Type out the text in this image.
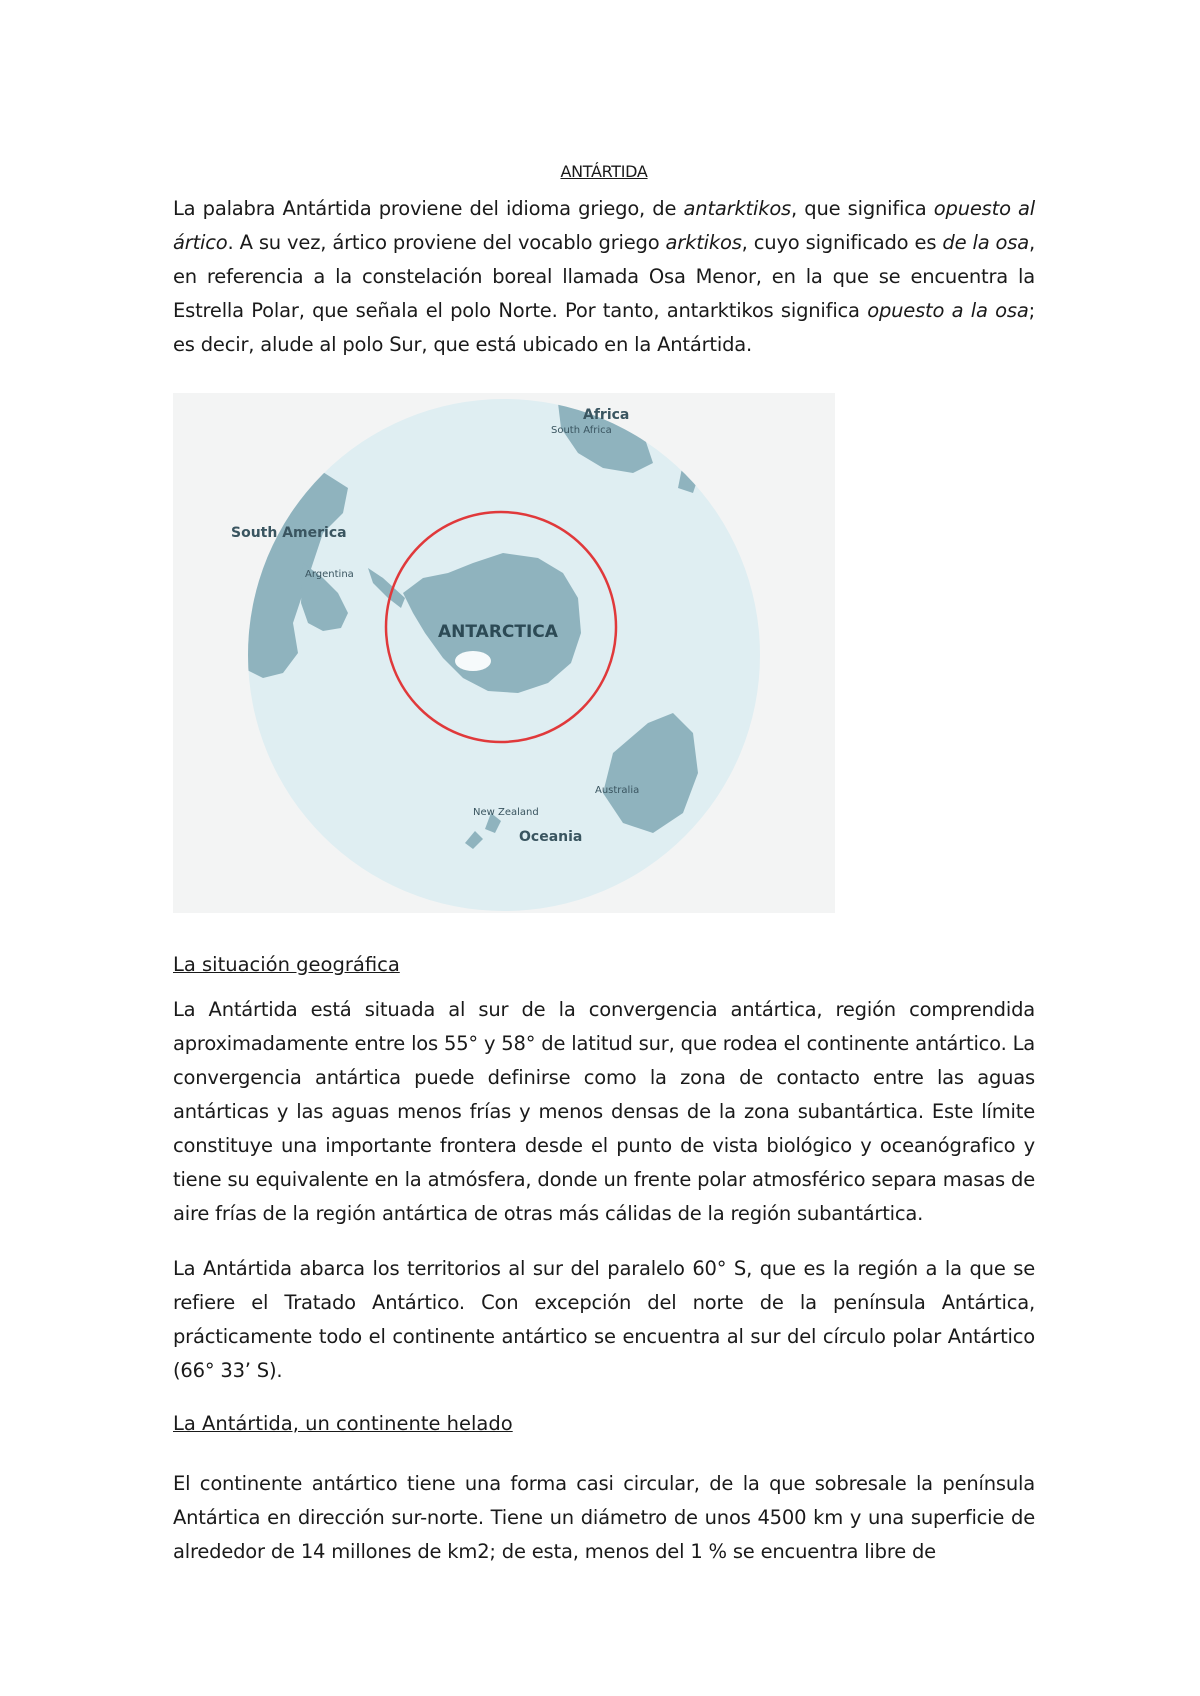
ANTÁRTIDA
La palabra Antártida proviene del idioma griego, de antarktikos, que significa opuesto al ártico. A su vez, ártico proviene del vocablo griego arktikos, cuyo significado es de la osa, en referencia a la constelación boreal llamada Osa Menor, en la que se encuentra la Estrella Polar, que señala el polo Norte. Por tanto, antarktikos significa opuesto a la osa; es decir, alude al polo Sur, que está ubicado en la Antártida.
Africa
South Africa
South America
Argentina
ANTARCTICA
Australia
New Zealand
Oceania
La situación geográfica
La Antártida está situada al sur de la convergencia antártica, región comprendida aproximadamente entre los 55° y 58° de latitud sur, que rodea el continente antártico. La convergencia antártica puede definirse como la zona de contacto entre las aguas antárticas y las aguas menos frías y menos densas de la zona subantártica. Este límite constituye una importante frontera desde el punto de vista biológico y oceanógrafico y tiene su equivalente en la atmósfera, donde un frente polar atmosférico separa masas de aire frías de la región antártica de otras más cálidas de la región subantártica.
La Antártida abarca los territorios al sur del paralelo 60° S, que es la región a la que se refiere el Tratado Antártico. Con excepción del norte de la península Antártica, prácticamente todo el continente antártico se encuentra al sur del círculo polar Antártico (66° 33’ S).
La Antártida, un continente helado
El continente antártico tiene una forma casi circular, de la que sobresale la península Antártica en dirección sur-norte. Tiene un diámetro de unos 4500 km y una superficie de alrededor de 14 millones de km2; de esta, menos del 1 % se encuentra libre de
